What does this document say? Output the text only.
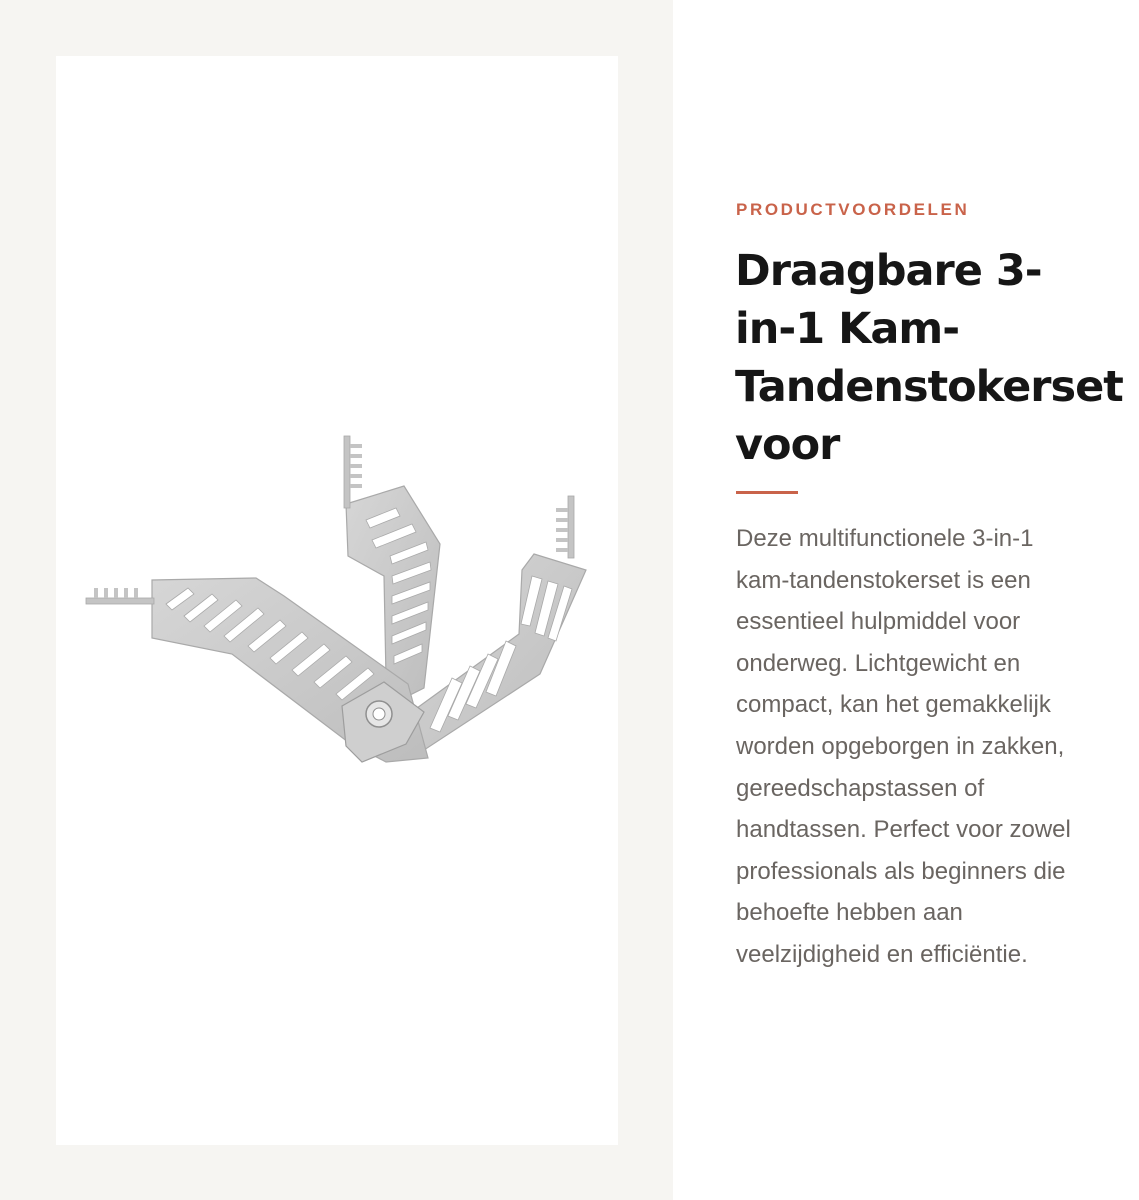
PRODUCTVOORDELEN

Draagbare 3-
in-1 Kam-
Tandenstokerset
voor

Deze multifunctionele 3-in-1
kam-tandenstokerset is een
essentieel hulpmiddel voor
onderweg. Lichtgewicht en
compact, kan het gemakkelijk
worden opgeborgen in zakken,
gereedschapstassen of
handtassen. Perfect voor zowel
professionals als beginners die
behoefte hebben aan
veelzijdigheid en efficiëntie.
